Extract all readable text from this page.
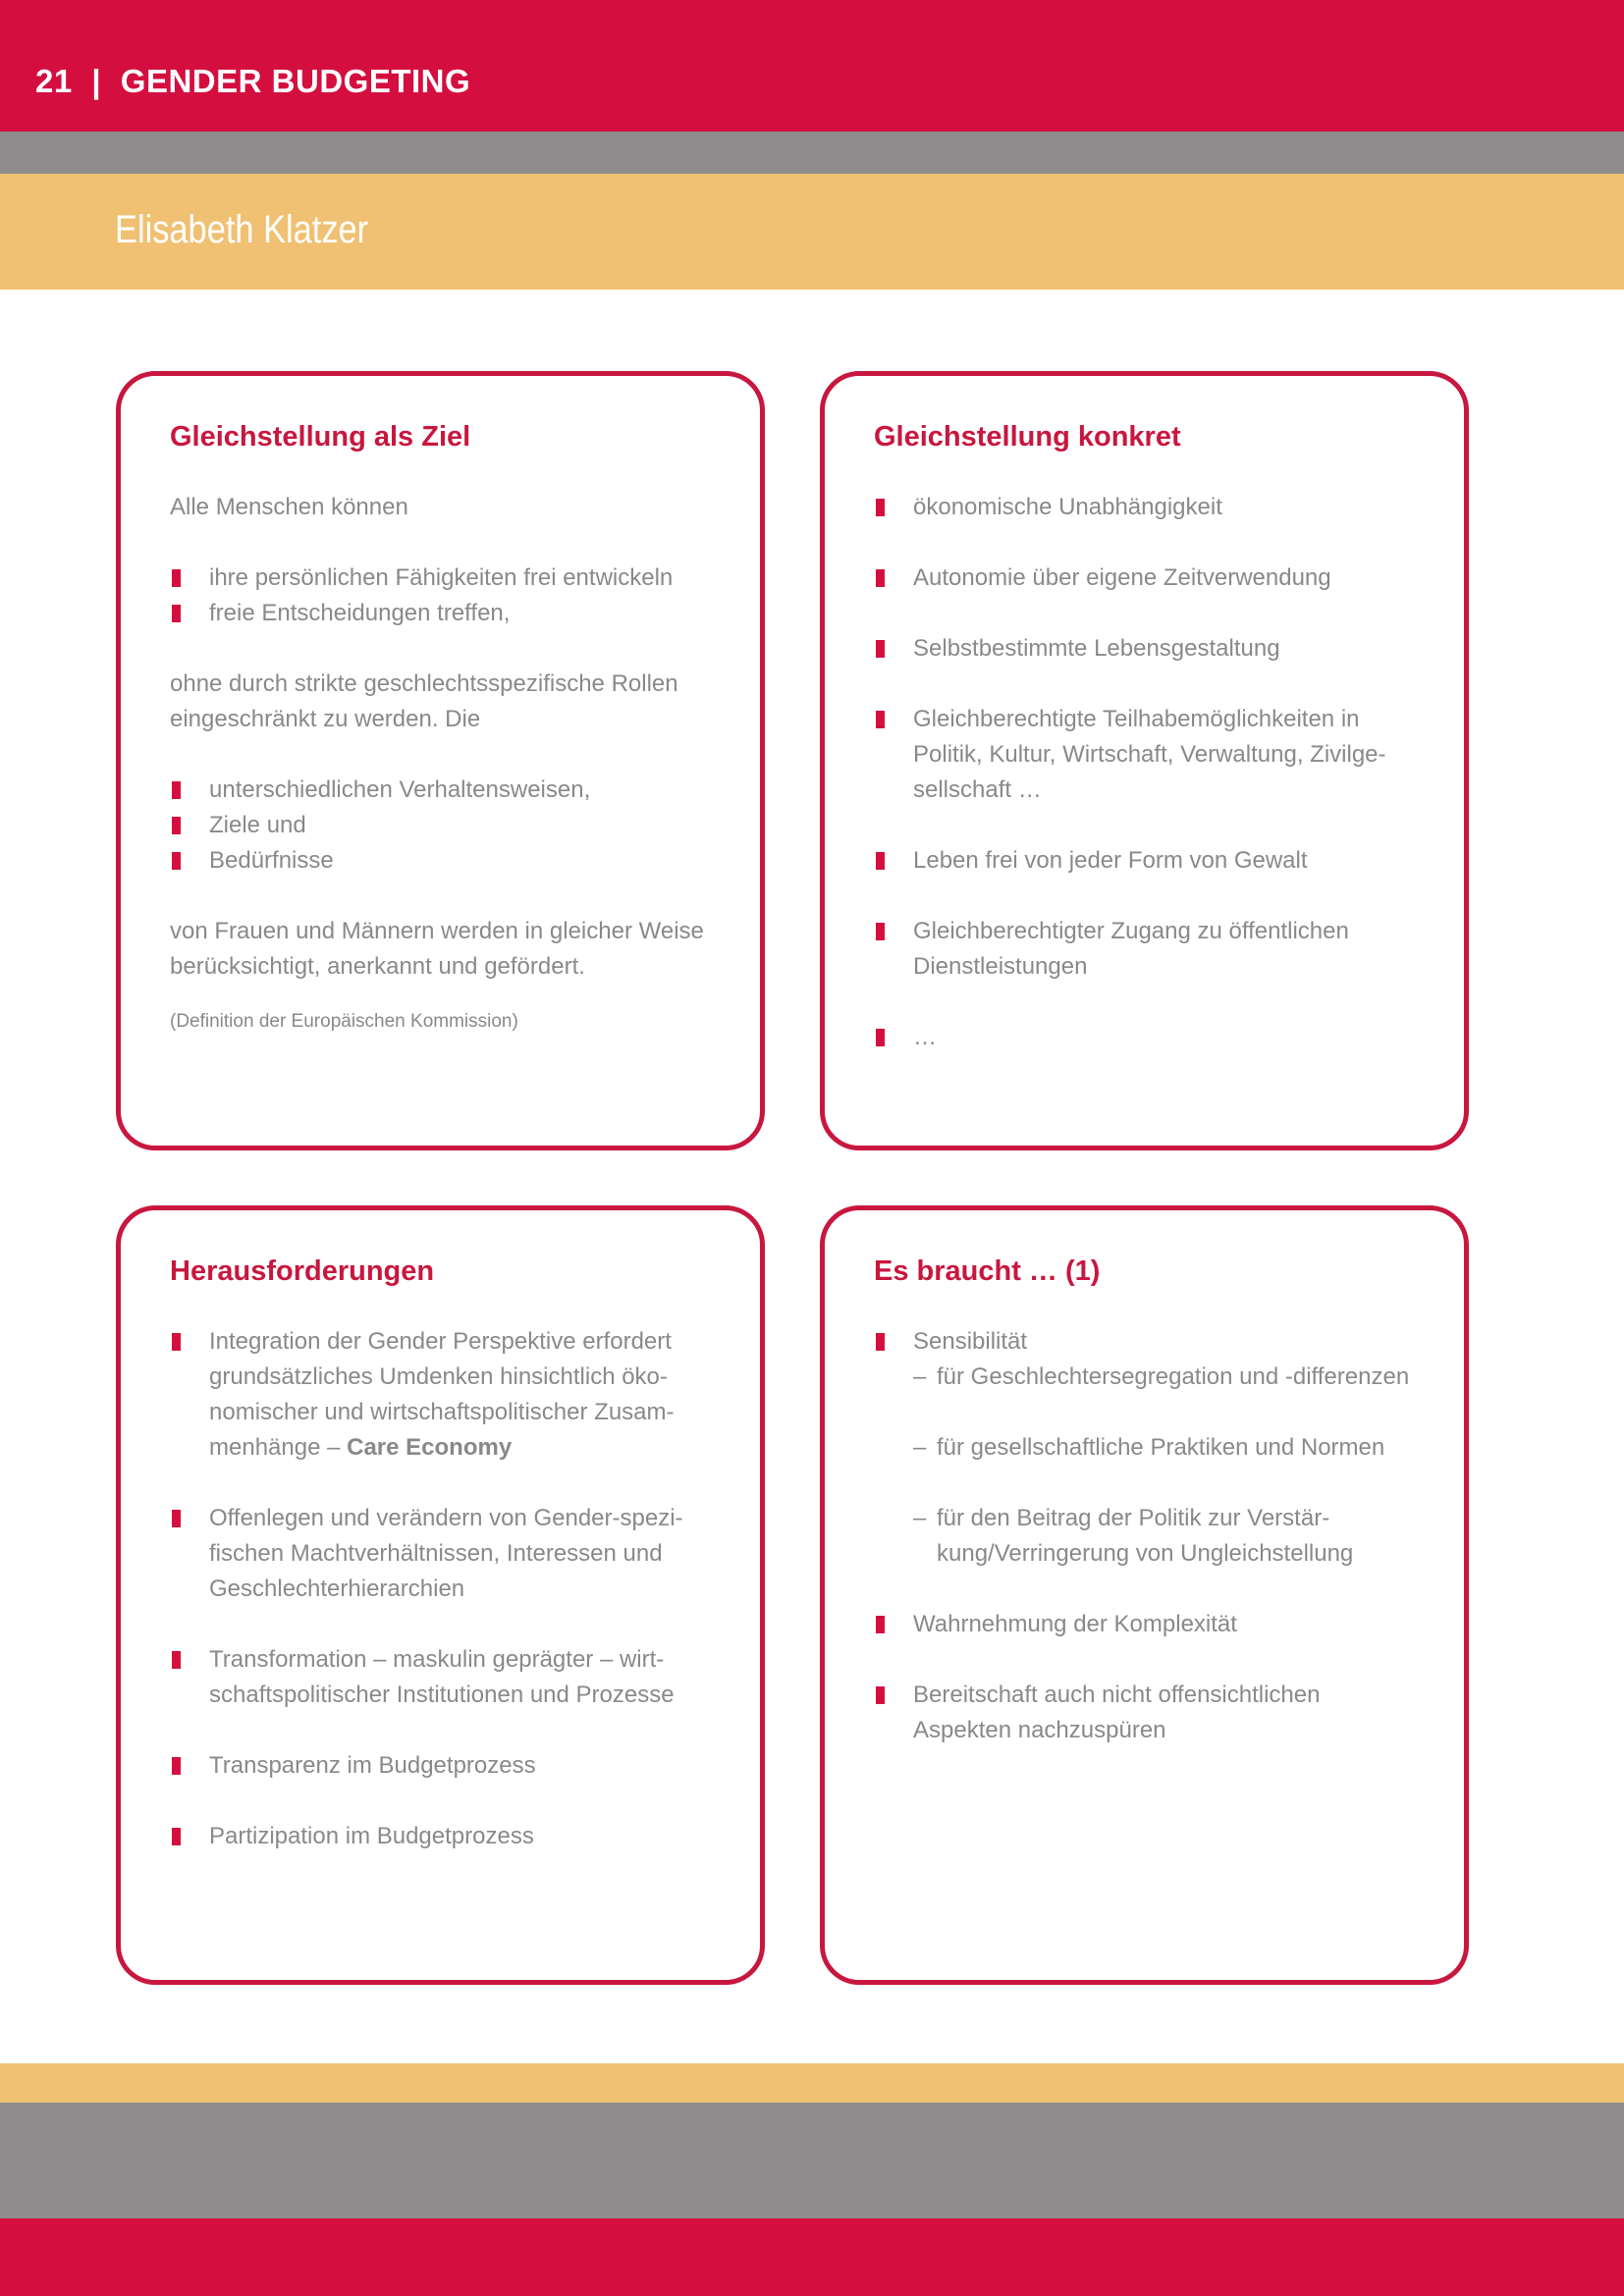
21 | GENDER BUDGETING
Elisabeth Klatzer
Gleichstellung als Ziel
Alle Menschen können
ihre persönlichen Fähigkeiten frei entwickeln
freie Entscheidungen treffen,
ohne durch strikte geschlechtsspezifische Rollen eingeschränkt zu werden. Die
unterschiedlichen Verhaltensweisen,
Ziele und
Bedürfnisse
von Frauen und Männern werden in gleicher Weise berücksichtigt, anerkannt und gefördert.
(Definition der Europäischen Kommission)
Gleichstellung konkret
ökonomische Unabhängigkeit
Autonomie über eigene Zeitverwendung
Selbstbestimmte Lebensgestaltung
Gleichberechtigte Teilhabemöglichkeiten in Politik, Kultur, Wirtschaft, Verwaltung, Zivilgesellschaft …
Leben frei von jeder Form von Gewalt
Gleichberechtigter Zugang zu öffentlichen Dienstleistungen
…
Herausforderungen
Integration der Gender Perspektive erfordert grundsätzliches Umdenken hinsichtlich ökonomischer und wirtschaftspolitischer Zusammenhänge – Care Economy
Offenlegen und verändern von Gender-spezifischen Machtverhältnissen, Interessen und Geschlechterhierarchien
Transformation – maskulin geprägter – wirtschaftspolitischer Institutionen und Prozesse
Transparenz im Budgetprozess
Partizipation im Budgetprozess
Es braucht … (1)
Sensibilität
– für Geschlechtersegregation und -differenzen
– für gesellschaftliche Praktiken und Normen
– für den Beitrag der Politik zur Verstärkung/Verringerung von Ungleichstellung
Wahrnehmung der Komplexität
Bereitschaft auch nicht offensichtlichen Aspekten nachzuspüren
